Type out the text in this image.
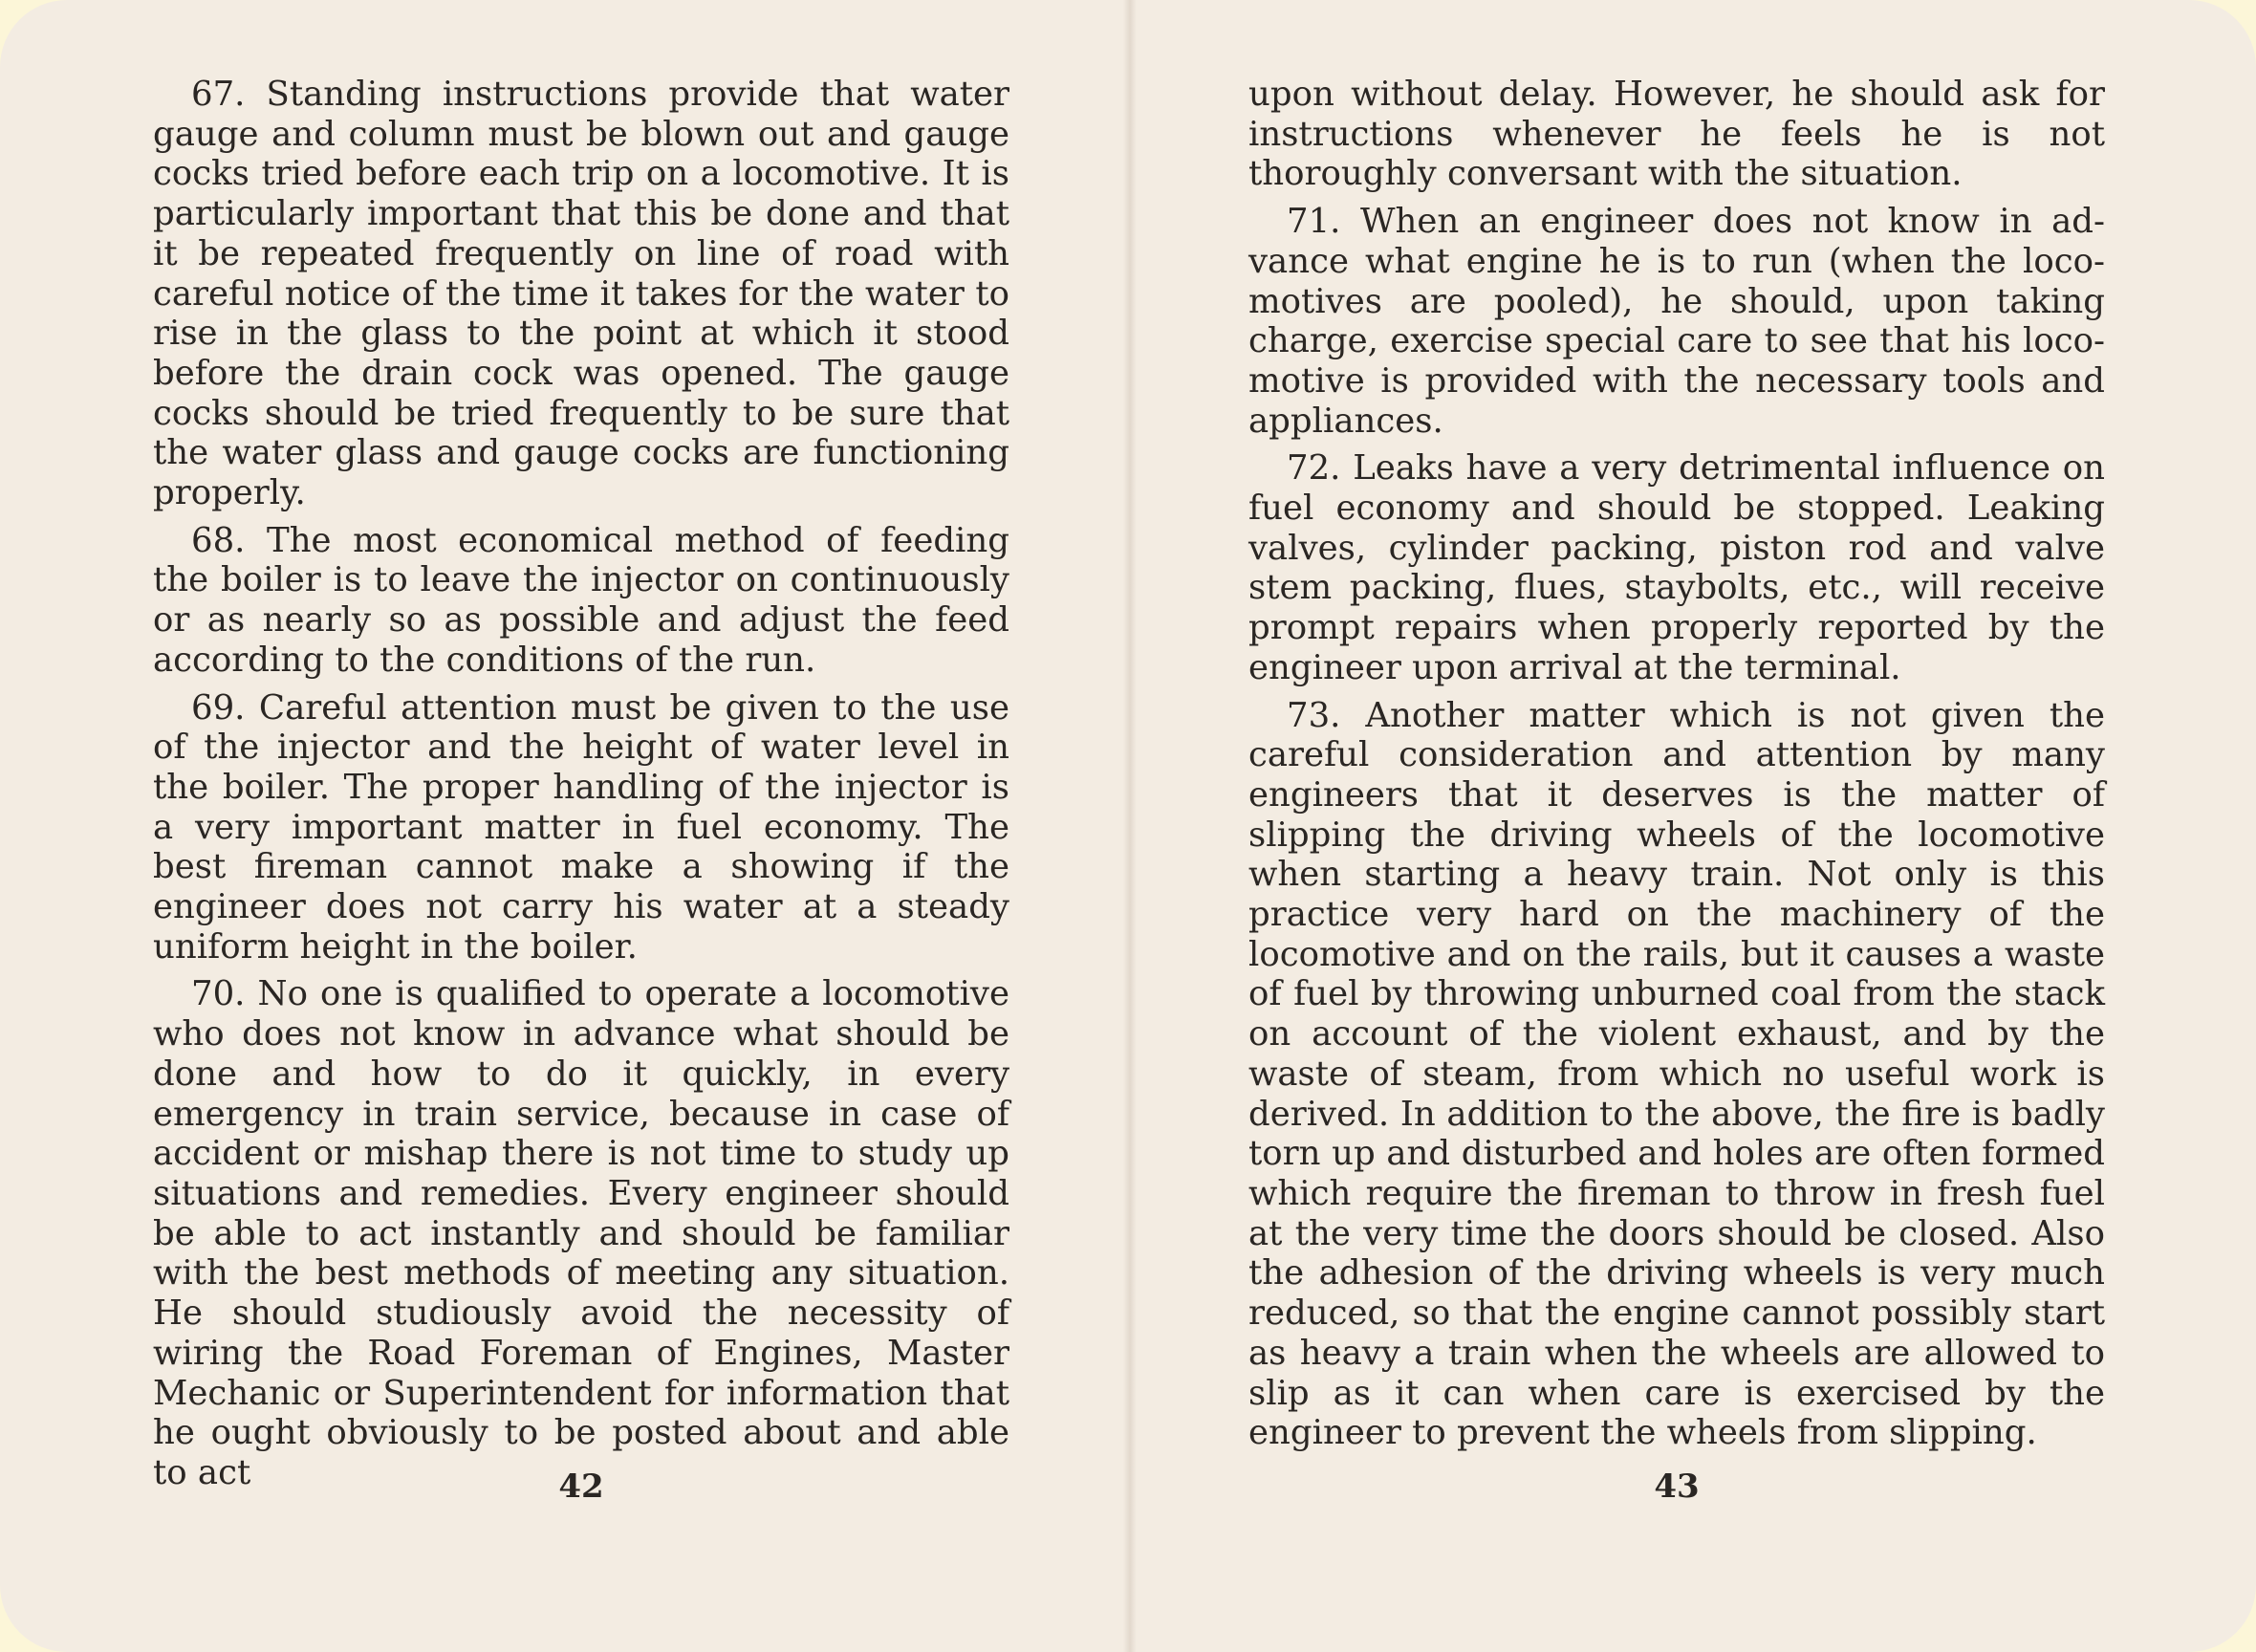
67. Standing instructions provide that water gauge and column must be blown out and gauge cocks tried before each trip on a locomotive. It is particularly important that this be done and that it be repeated frequently on line of road with careful notice of the time it takes for the water to rise in the glass to the point at which it stood before the drain cock was opened. The gauge cocks should be tried frequently to be sure that the water glass and gauge cocks are functioning properly.

68. The most economical method of feeding the boiler is to leave the injector on continuously or as nearly so as possible and adjust the feed according to the conditions of the run.

69. Careful attention must be given to the use of the injector and the height of water level in the boiler. The proper handling of the injector is a very important matter in fuel economy. The best fireman cannot make a showing if the engineer does not carry his water at a steady uniform height in the boiler.

70. No one is qualified to operate a locomotive who does not know in advance what should be done and how to do it quickly, in every emergency in train service, because in case of accident or mishap there is not time to study up situations and remedies. Every engineer should be able to act instantly and should be familiar with the best methods of meeting any situation. He should studiously avoid the necessity of wiring the Road Foreman of Engines, Master Mechanic or Superintendent for information that he ought obviously to be posted about and able to act	42

upon without delay. However, he should ask for instructions whenever he feels he is not thoroughly conversant with the situation.

71. When an engineer does not know in advance what engine he is to run (when the locomotives are pooled), he should, upon taking charge, exercise special care to see that his locomotive is provided with the necessary tools and appliances.

72. Leaks have a very detrimental influence on fuel economy and should be stopped. Leaking valves, cylinder packing, piston rod and valve stem packing, flues, staybolts, etc., will receive prompt repairs when properly reported by the engineer upon arrival at the terminal.

73. Another matter which is not given the careful consideration and attention by many engineers that it deserves is the matter of slipping the driving wheels of the locomotive when starting a heavy train. Not only is this practice very hard on the machinery of the locomotive and on the rails, but it causes a waste of fuel by throwing unburned coal from the stack on account of the violent exhaust, and by the waste of steam, from which no useful work is derived. In addition to the above, the fire is badly torn up and disturbed and holes are often formed which require the fireman to throw in fresh fuel at the very time the doors should be closed. Also the adhesion of the driving wheels is very much reduced, so that the engine cannot possibly start as heavy a train when the wheels are allowed to slip as it can when care is exercised by the engineer to prevent the wheels from slipping.

43
